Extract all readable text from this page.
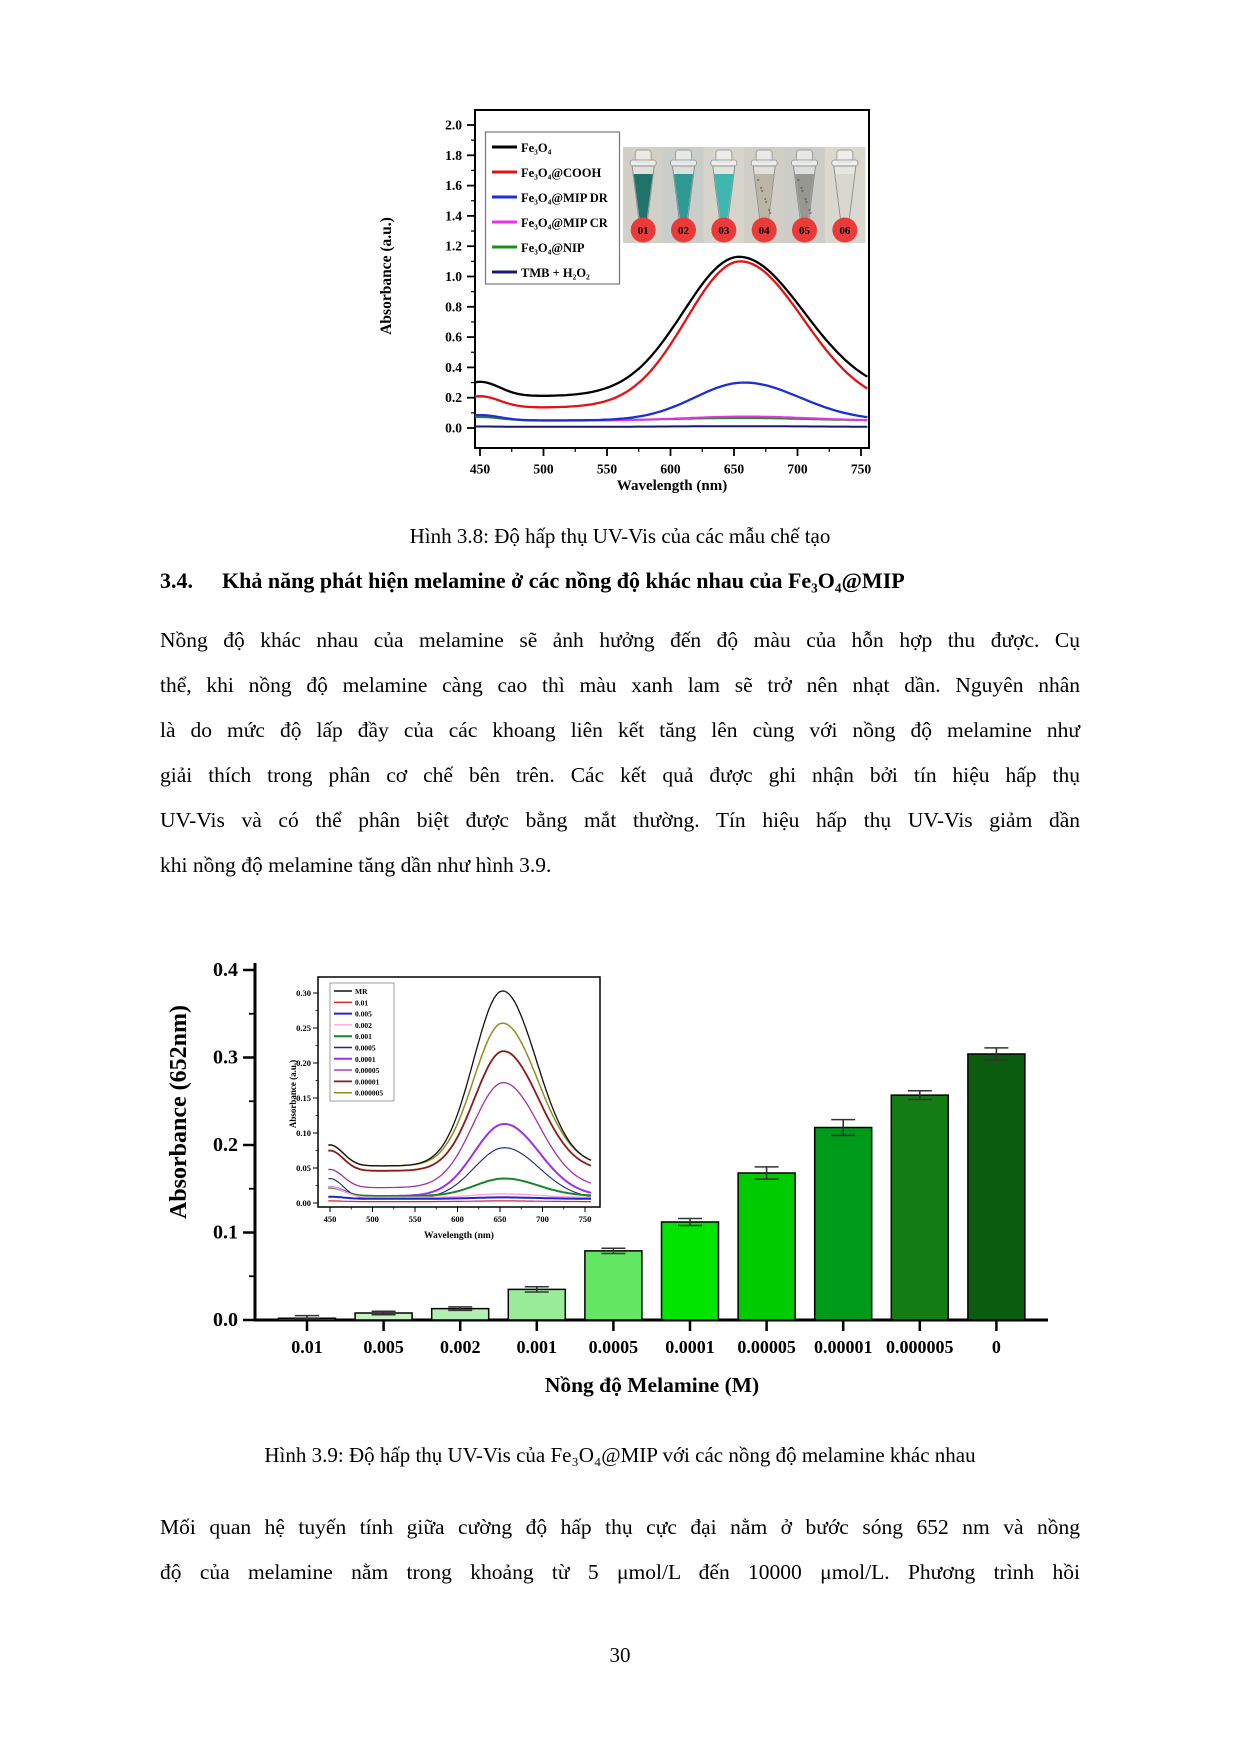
0.0
0.2
0.4
0.6
0.8
1.0
1.2
1.4
1.6
1.8
2.0
450	500	550	600	650	700	750
Wavelength (nm)
Absorbance (a.u.)	01	02	03	04	05	06
Fe₃O₄
Fe₃O₄@COOH
Fe₃O₄@MIP DR
Fe₃O₄@MIP CR
Fe₃O₄@NIP
TMB + H₂O₂
Hình 3.8: Độ hấp thụ UV-Vis của các mẫu chế tạo
3.4.	Khả năng phát hiện melamine ở các nồng độ khác nhau của Fe₃O₄@MIP
Nồng độ khác nhau của melamine sẽ ảnh hưởng đến độ màu của hỗn hợp thu được. Cụ
thể, khi nồng độ melamine càng cao thì màu xanh lam sẽ trở nên nhạt dần. Nguyên nhân
là do mức độ lấp đầy của các khoang liên kết tăng lên cùng với nồng độ melamine như
giải thích trong phân cơ chế bên trên. Các kết quả được ghi nhận bởi tín hiệu hấp thụ
UV-Vis và có thể phân biệt được bằng mắt thường. Tín hiệu hấp thụ UV-Vis giảm dần
khi nồng độ melamine tăng dần như hình 3.9.
0.0
0.1
0.2
0.3
0.4
Absorbance (652nm)
0.01 0.005 0.002 0.001 0.0005 0.0001 0.00005 0.00001 0.000005 0
Nồng độ Melamine (M)
0.00
0.05
0.10
0.15
0.20
0.25
0.30
450	500	550	600	650	700	750
Wavelength (nm)
Absorbance (a.u.)
MR
0.01
0.005
0.002
0.001
0.0005
0.0001
0.00005
0.00001
0.000005
Hình 3.9: Độ hấp thụ UV-Vis của Fe₃O₄@MIP với các nồng độ melamine khác nhau
Mối quan hệ tuyến tính giữa cường độ hấp thụ cực đại nằm ở bước sóng 652 nm và nồng
độ của melamine nằm trong khoảng từ 5 μmol/L đến 10000 μmol/L. Phương trình hồi
30
